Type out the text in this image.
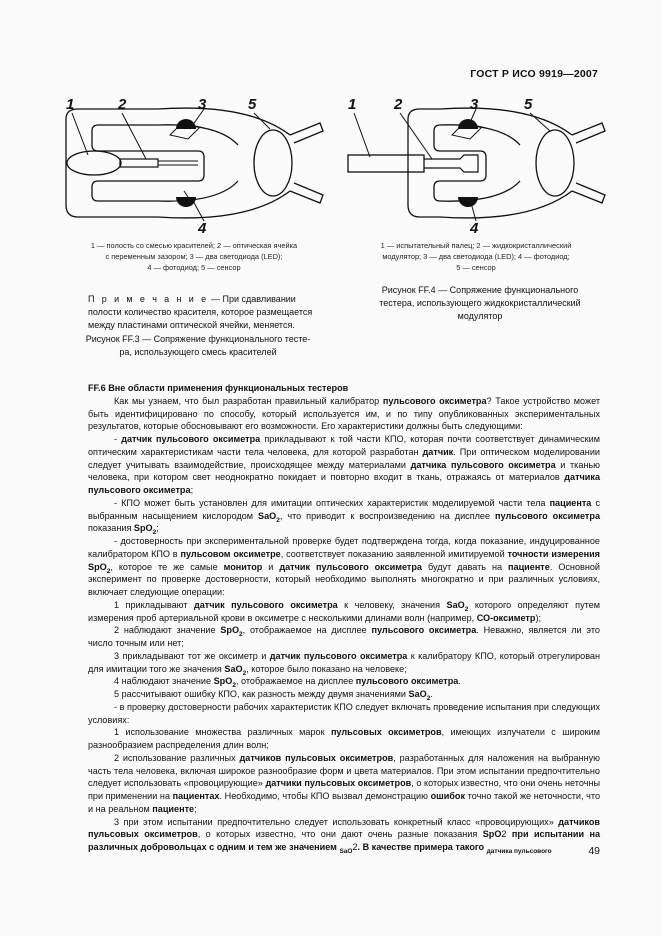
ГОСТ Р ИСО 9919—2007
1	2	3	5
4
1 — полость со смесью красителей; 2 — оптическая ячейка
с переменным зазором; 3 — два светодиода (LED);
4 — фотодиод; 5 — сенсор
П р и м е ч а н и е — При сдавливании полости количество красителя, которое размещается между пластинами оптической ячейки, меняется.
Рисунок FF.3 — Сопряжение функционального тесте-
ра, использующего смесь красителей
1	2	3	5
4
1 — испытательный палец; 2 — жидкокристаллический
модулятор; 3 — два светодиода (LED); 4 — фотодиод;
5 — сенсор
Рисунок FF.4 — Сопряжение функционального
тестера, использующего жидкокристаллический
модулятор

FF.6 Вне области применения функциональных тестеров

Как мы узнаем, что был разработан правильный калибратор пульсового оксиметра? Такое устройство может быть идентифицировано по способу, который используется им, и по типу опубликованных экспериментальных результатов, которые обосновывают его возможности. Его характеристики должны быть следующими:

- датчик пульсового оксиметра прикладывают к той части КПО, которая почти соответствует динамическим оптическим характеристикам части тела человека, для которой разработан датчик. При оптическом моделировании следует учитывать взаимодействие, происходящее между материалами датчика пульсового оксиметра и тканью человека, при котором свет неоднократно покидает и повторно входит в ткань, отражаясь от материалов датчика пульсового оксиметра;

- КПО может быть установлен для имитации оптических характеристик моделируемой части тела пациента с выбранным насыщением кислородом SaO$_2$, что приводит к воспроизведению на дисплее пульсового оксиметра показания SpO$_2$;

- достоверность при экспериментальной проверке будет подтверждена тогда, когда показание, индуцированное калибратором КПО в пульсовом оксиметре, соответствует показанию заявленной имитируемой точности измерения SpO$_2$, которое те же самые монитор и датчик пульсового оксиметра будут давать на пациенте. Основной эксперимент по проверке достоверности, который необходимо выполнять многократно и при различных условиях, включает следующие операции:

1 прикладывают датчик пульсового оксиметра к человеку, значения SaO$_2$ которого определяют путем измерения проб артериальной крови в оксиметре с несколькими длинами волн (например, СО-оксиметр);

2 наблюдают значение SpO$_2$, отображаемое на дисплее пульсового оксиметра. Неважно, является ли это число точным или нет;

3 прикладывают тот же оксиметр и датчик пульсового оксиметра к калибратору КПО, который отрегулирован для имитации того же значения SaO$_2$, которое было показано на человеке;

4 наблюдают значение SpO$_2$, отображаемое на дисплее пульсового оксиметра.

5 рассчитывают ошибку КПО, как разность между двумя значениями SaO$_2$.

- в проверку достоверности рабочих характеристик КПО следует включать проведение испытания при следующих условиях:

1 использование множества различных марок пульсовых оксиметров, имеющих излучатели с широким разнообразием распределения длин волн;

2 использование различных датчиков пульсовых оксиметров, разработанных для наложения на выбранную часть тела человека, включая широкое разнообразие форм и цвета материалов. При этом испытании предпочтительно следует использовать «провоцирующие» датчики пульсовых оксиметров, о которых известно, что они очень неточны при применении на пациентах. Необходимо, чтобы КПО вызвал демонстрацию ошибок точно такой же неточности, что и на реальном пациенте;

3 при этом испытании предпочтительно следует использовать конкретный класс «провоцирующих» датчиков пульсовых оксиметров, о которых известно, что они дают очень разные показания SpO2 при испытании на различных добровольцах с одним и тем же значением $_{SaO}$2. В качестве примера такого $_{датчика пульсового}$	49
